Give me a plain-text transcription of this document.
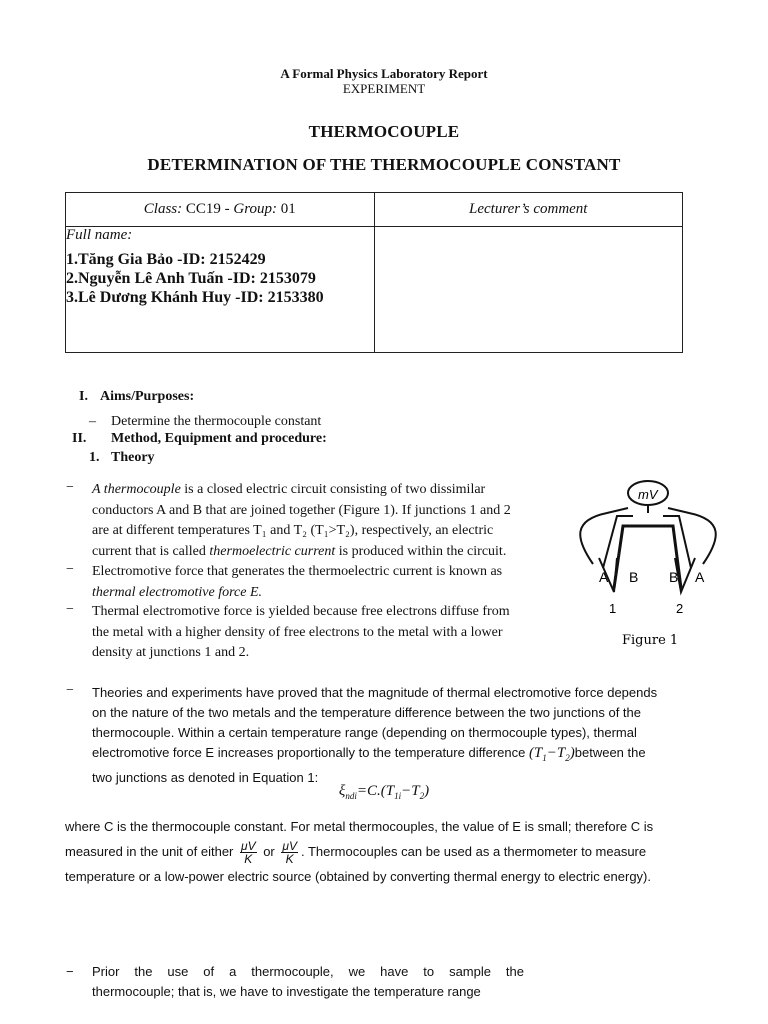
A Formal Physics Laboratory Report
EXPERIMENT
THERMOCOUPLE
DETERMINATION OF THE THERMOCOUPLE CONSTANT
Class: CC19 - Group: 01	Lecturer’s comment

Full name:
1.Tăng Gia Bảo -ID: 2152429
2.Nguyễn Lê Anh Tuấn -ID: 2153079
3.Lê Dương Khánh Huy -ID: 2153380	

I. Aims/Purposes:
– Determine the thermocouple constant
II. Method, Equipment and procedure:
1. Theory
− A thermocouple is a closed electric circuit consisting of two dissimilar
conductors A and B that are joined together (Figure 1). If junctions 1 and 2
are at different temperatures T₁ and T₂ (T₁>T₂), respectively, an electric
current that is called thermoelectric current is produced within the circuit.
− Electromotive force that generates the thermoelectric current is known as
thermal electromotive force E.
− Thermal electromotive force is yielded because free electrons diffuse from
the metal with a higher density of free electrons to the metal with a lower
density at junctions 1 and 2.
mV
A B B A
1	2
Figure 1
− Theories and experiments have proved that the magnitude of thermal electromotive force depends
on the nature of the two metals and the temperature difference between the two junctions of the
thermocouple. Within a certain temperature range (depending on thermocouple types), thermal
electromotive force E increases proportionally to the temperature difference $(T_1-T_2)between$ the
two junctions as denoted in Equation 1:
$\xi_{ndi}=C.(T_{1i}-T_2)$
where C is the thermocouple constant. For metal thermocouples, the value of E is small; therefore C is
measured in the unit of either $\frac{\mu V}{K}$ or $\frac{\mu V}{K}$ . Thermocouples can be used as a thermometer to measure
temperature or a low-power electric source (obtained by converting thermal energy to electric energy).
− Prior the use of a thermocouple, we have to sample the
thermocouple; that is, we have to investigate the temperature range
